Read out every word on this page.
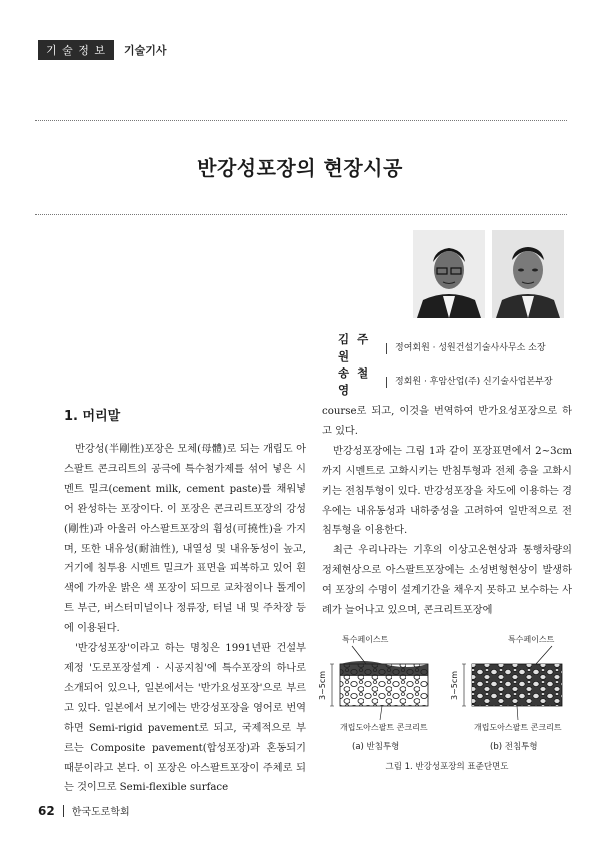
기 술 정 보	기술기사
반강성포장의 현장시공
김 주 원
정여회원 · 성원건설기술사사무소 소장
송 철 영
정회원 · 후암산업(주) 신기술사업본부장
1. 머리말

반강성(半剛性)포장은 모체(母體)로 되는 개립도 아스팔트 콘크리트의 공극에 특수첨가제를 섞어 넣은 시멘트 밀크(cement milk, cement paste)를 채워넣어 완성하는 포장이다. 이 포장은 콘크리트포장의 강성(剛性)과 아울러 아스팔트포장의 휨성(可撓性)을 가지며, 또한 내유성(耐油性), 내열성 및 내유동성이 높고, 거기에 침투용 시멘트 밀크가 표면을 피복하고 있어 흰색에 가까운 밝은 색 포장이 되므로 교차점이나 톨게이트 부근, 버스터미널이나 정류장, 터널 내 및 주차장 등에 이용된다.

'반강성포장'이라고 하는 명칭은 1991년판 건설부 제정 '도로포장설계 · 시공지침'에 특수포장의 하나로 소개되어 있으나, 일본에서는 '반가요성포장'으로 부르고 있다. 일본에서 보기에는 반강성포장을 영어로 번역하면 Semi-rigid pavement로 되고, 국제적으로 부르는 Composite pavement(합성포장)과 혼동되기 때문이라고 본다. 이 포장은 아스팔트포장이 주체로 되는 것이므로 Semi-flexible surface

course로 되고, 이것을 번역하여 반가요성포장으로 하고 있다.

반강성포장에는 그림 1과 같이 포장표면에서 2~3cm까지 시멘트로 고화시키는 반침투형과 전체 층을 고화시키는 전침투형이 있다. 반강성포장을 차도에 이용하는 경우에는 내유동성과 내하중성을 고려하여 일반적으로 전침투형을 이용한다.

최근 우리나라는 기후의 이상고온현상과 통행차량의 정체현상으로 아스팔트포장에는 소성변형현상이 발생하여 포장의 수명이 설계기간을 채우지 못하고 보수하는 사례가 늘어나고 있으며, 콘크리트포장에

특수페이스트
3~5cm
개립도아스팔트 콘크리트
(a) 반침투형
특수페이스트
3~5cm
개립도아스팔트 콘크리트
(b) 전침투형
그림 1. 반강성포장의 표준단면도
62 한국도로학회
